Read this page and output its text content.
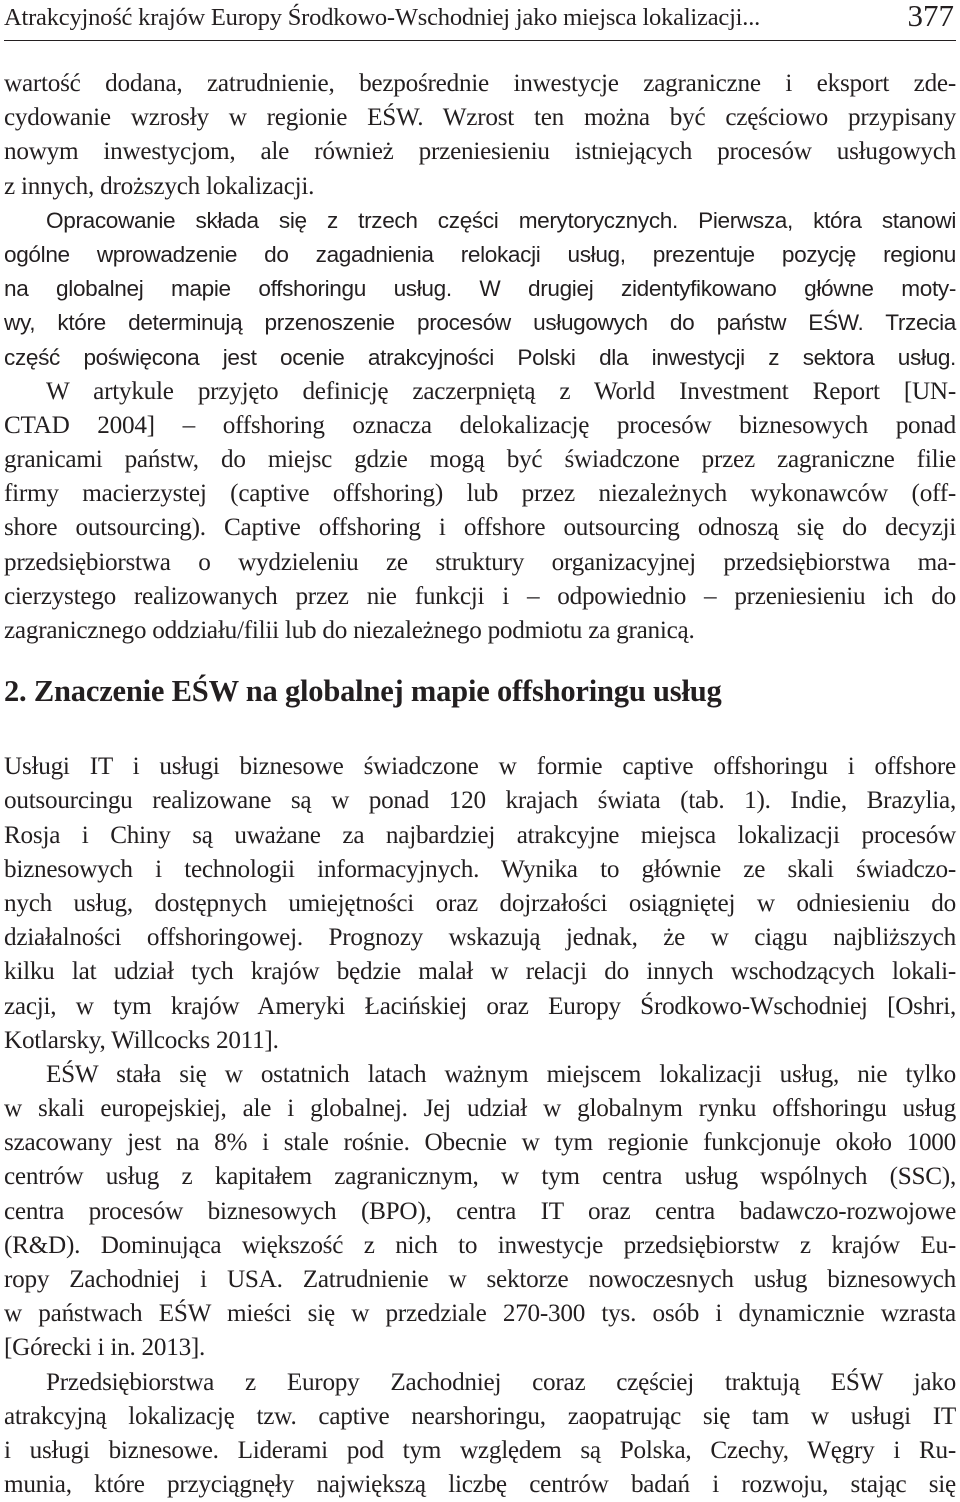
Atrakcyjność krajów Europy Środkowo-Wschodniej jako miejsca lokalizacji...	377
wartość dodana, zatrudnienie, bezpośrednie inwestycje zagraniczne i eksport zde-
cydowanie wzrosły w regionie EŚW. Wzrost ten można być częściowo przypisany
nowym inwestycjom, ale również przeniesieniu istniejących procesów usługowych
z innych, droższych lokalizacji.
Opracowanie składa się z trzech części merytorycznych. Pierwsza, która stanowi
ogólne wprowadzenie do zagadnienia relokacji usług, prezentuje pozycję regionu
na globalnej mapie offshoringu usług. W drugiej zidentyfikowano główne moty-
wy, które determinują przenoszenie procesów usługowych do państw EŚW. Trzecia
część poświęcona jest ocenie atrakcyjności Polski dla inwestycji z sektora usług.
W artykule przyjęto definicję zaczerpniętą z World Investment Report [UN-
CTAD 2004] – offshoring oznacza delokalizację procesów biznesowych ponad
granicami państw, do miejsc gdzie mogą być świadczone przez zagraniczne filie
firmy macierzystej (captive offshoring) lub przez niezależnych wykonawców (off-
shore outsourcing). Captive offshoring i offshore outsourcing odnoszą się do decyzji
przedsiębiorstwa o wydzieleniu ze struktury organizacyjnej przedsiębiorstwa ma-
cierzystego realizowanych przez nie funkcji i – odpowiednio – przeniesieniu ich do
zagranicznego oddziału/filii lub do niezależnego podmiotu za granicą.
2. Znaczenie EŚW na globalnej mapie offshoringu usług
Usługi IT i usługi biznesowe świadczone w formie captive offshoringu i offshore
outsourcingu realizowane są w ponad 120 krajach świata (tab. 1). Indie, Brazylia,
Rosja i Chiny są uważane za najbardziej atrakcyjne miejsca lokalizacji procesów
biznesowych i technologii informacyjnych. Wynika to głównie ze skali świadczo-
nych usług, dostępnych umiejętności oraz dojrzałości osiągniętej w odniesieniu do
działalności offshoringowej. Prognozy wskazują jednak, że w ciągu najbliższych
kilku lat udział tych krajów będzie malał w relacji do innych wschodzących lokali-
zacji, w tym krajów Ameryki Łacińskiej oraz Europy Środkowo-Wschodniej [Oshri,
Kotlarsky, Willcocks 2011].
EŚW stała się w ostatnich latach ważnym miejscem lokalizacji usług, nie tylko
w skali europejskiej, ale i globalnej. Jej udział w globalnym rynku offshoringu usług
szacowany jest na 8% i stale rośnie. Obecnie w tym regionie funkcjonuje około 1000
centrów usług z kapitałem zagranicznym, w tym centra usług wspólnych (SSC),
centra procesów biznesowych (BPO), centra IT oraz centra badawczo-rozwojowe
(R&D). Dominująca większość z nich to inwestycje przedsiębiorstw z krajów Eu-
ropy Zachodniej i USA. Zatrudnienie w sektorze nowoczesnych usług biznesowych
w państwach EŚW mieści się w przedziale 270-300 tys. osób i dynamicznie wzrasta
[Górecki i in. 2013].
Przedsiębiorstwa z Europy Zachodniej coraz częściej traktują EŚW jako
atrakcyjną lokalizację tzw. captive nearshoringu, zaopatrując się tam w usługi IT
i usługi biznesowe. Liderami pod tym względem są Polska, Czechy, Węgry i Ru-
munia, które przyciągnęły największą liczbę centrów badań i rozwoju, stając się
